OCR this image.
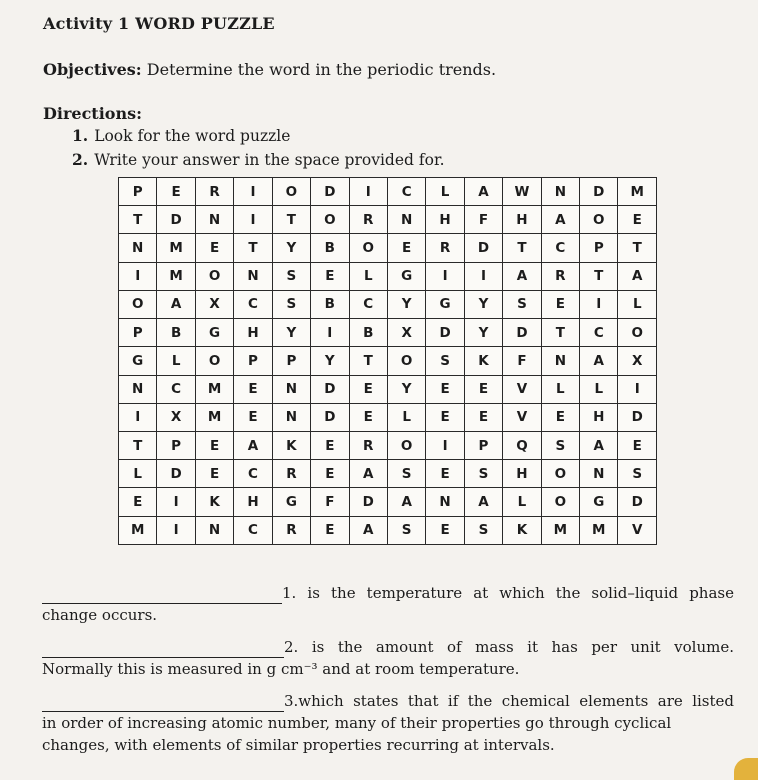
Activity 1 WORD PUZZLE
Objectives: Determine the word in the periodic trends.
Directions:
1. Look for the word puzzle
2. Write your answer in the space provided for.
P	E	R	I	O	D	I	C	L	A	W	N	D	M
T	D	N	I	T	O	R	N	H	F	H	A	O	E
N	M	E	T	Y	B	O	E	R	D	T	C	P	T
I	M	O	N	S	E	L	G	I	I	A	R	T	A
O	A	X	C	S	B	C	Y	G	Y	S	E	I	L
P	B	G	H	Y	I	B	X	D	Y	D	T	C	O
G	L	O	P	P	Y	T	O	S	K	F	N	A	X
N	C	M	E	N	D	E	Y	E	E	V	L	L	I
I	X	M	E	N	D	E	L	E	E	V	E	H	D
T	P	E	A	K	E	R	O	I	P	Q	S	A	E
L	D	E	C	R	E	A	S	E	S	H	O	N	S
E	I	K	H	G	F	D	A	N	A	L	O	G	D
M	I	N	C	R	E	A	S	E	S	K	M	M	V
1. is the temperature at which the solid–liquid phase
change occurs.
2. is the amount of mass it has per unit volume.
Normally this is measured in g cm⁻³ and at room temperature.
3.which states that if the chemical elements are listed
in order of increasing atomic number, many of their properties go through cyclical
changes, with elements of similar properties recurring at intervals.
